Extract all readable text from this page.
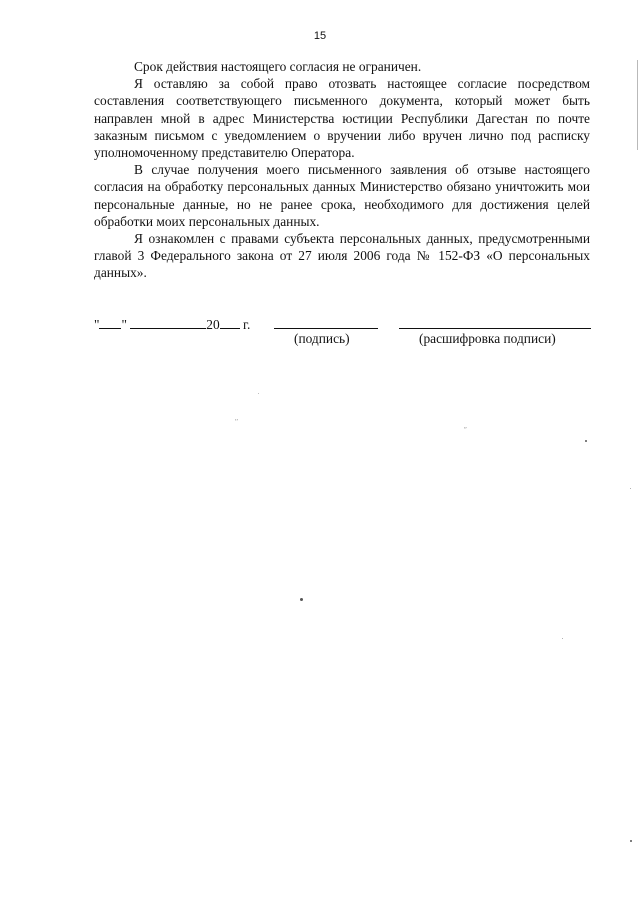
15

Срок действия настоящего согласия не ограничен.

Я оставляю за собой право отозвать настоящее согласие посредством составления соответствующего письменного документа, который может быть направлен мной в адрес Министерства юстиции Республики Дагестан по почте заказным письмом с уведомлением о вручении либо вручен лично под расписку уполномоченному представителю Оператора.

В случае получения моего письменного заявления об отзыве настоящего согласия на обработку персональных данных Министерство обязано уничтожить мои персональные данные, но не ранее срока, необходимого для достижения целей обработки моих персональных данных.

Я ознакомлен с правами субъекта персональных данных, предусмотренными главой 3 Федерального закона от 27 июля 2006 года № 152-ФЗ «О персональных данных».

" "	20 г.
(подпись)	(расшифровка подписи)
′′
″
